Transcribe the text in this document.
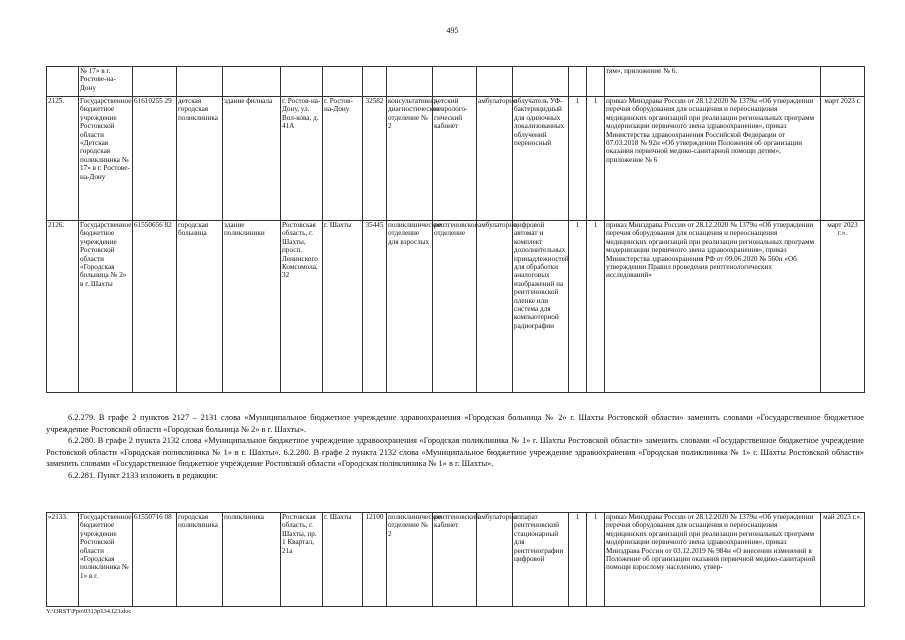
495
	№ 17» в г. Ростове-на-Дону													тям», приложение № 6.	
2125.	Государственное бюджетное учреждение Ростовской области «Детская городская поликлиника № 17» в г. Ростове-на-Дону	61610255 29	детская городская поликлиника	здание филиала	г. Ростов-на-Дону, ул. Вол-кова, д. 41А	г. Ростов-на-Дону	32582	консультативно-диагностическое отделение № 2	детский невролого-гический кабинет	амбулаторно	облучатель УФ-бактерицидный для одиночных локализованных облучений переносный	1	1	приказ Минздрава России от 28.12.2020 № 1379н «Об утверждении перечня оборудования для оснащения и переоснащения медицинских организаций при реализации региональных программ модернизации первичного звена здравоохранения», приказ Министерства здравоохранения Российской Федерации от 07.03.2018 № 92н «Об утверждении Положения об организации оказания первичной медико-санитарной помощи детям», приложение № 6	март 2023 г.
2126.	Государственное бюджетное учреждение Ростовской области «Городская больница № 2» в г. Шахты	61550656 82	городская больница	здание поликлиники	Ростовская область, г. Шахты, просп. Ленинского Комсомола, 32	г. Шахты	35445	поликлиническое отделение для взрослых	рентгеновское отделение	амбулаторно	цифровой автомат и комплект дополнительных принадлежностей для обработки аналоговых изображений на рентгеновской пленке или система для компьютерной радиографии	1	1	приказ Минздрава России от 28.12.2020 № 1379н «Об утверждении перечня оборудования для оснащения и переоснащения медицинских организаций при реализации региональных программ модернизации первичного звена здравоохранения», приказ Министерства здравоохранения РФ от 09.06.2020 № 560н «Об утверждении Правил проведения рентгенологических исследований»	март 2023 г.».

6.2.279. В графе 2 пунктов 2127 – 2131 слова «Муниципальное бюджетное учреждение здравоохранения «Городская больница № 2» г. Шахты Ростовской области» заменить словами «Государственное бюджетное учреждение Ростовской области «Городская больница № 2» в г. Шахты».

6.2.280. В графе 2 пункта 2132 слова «Муниципальное бюджетное учреждение здравоохранения «Городская поликлиника № 1» г. Шахты Ростовской области» заменить словами «Государственное бюджетное учреждение Ростовской области «Городская поликлиника № 1» в г. Шахты». 6.2.280. В графе 2 пункта 2132 слова «Муниципальное бюджетное учреждение здравоохранения «Городская поликлиника № 1» г. Шахты Ростовской области» заменить словами «Государственное бюджетное учреждение Ростовской области «Городская поликлиника № 1» в г. Шахты».

6.2.281. Пункт 2133 изложить в редакции:

«2133.	Государственное бюджетное учреждение Ростовской области «Городская поликлиника № 1» в г.	61550716 08	городская поликлиника	поликлиника	Ростовская область, г. Шахты, пр. 1 Квартал, 21а	г. Шахты	12100	поликлиническое отделение № 2	рентгеновский кабинет	амбулаторно	аппарат рентгеновский стационарный для рентгенографии цифровой	1	1	приказ Минздрава России от 28.12.2020 № 1379н «Об утверждении перечня оборудования для оснащения и переоснащения медицинских организаций при реализации региональных программ модернизации первичного звена здравоохранения», приказ Минздрава России от 03.12.2019 № 984н «О внесении изменений в Положение об организации оказания первичной медико-санитарной помощи взрослому населению, утвер-	май 2023 г.».
Y:\ORST\Ppo\0313p134.f23.doc
